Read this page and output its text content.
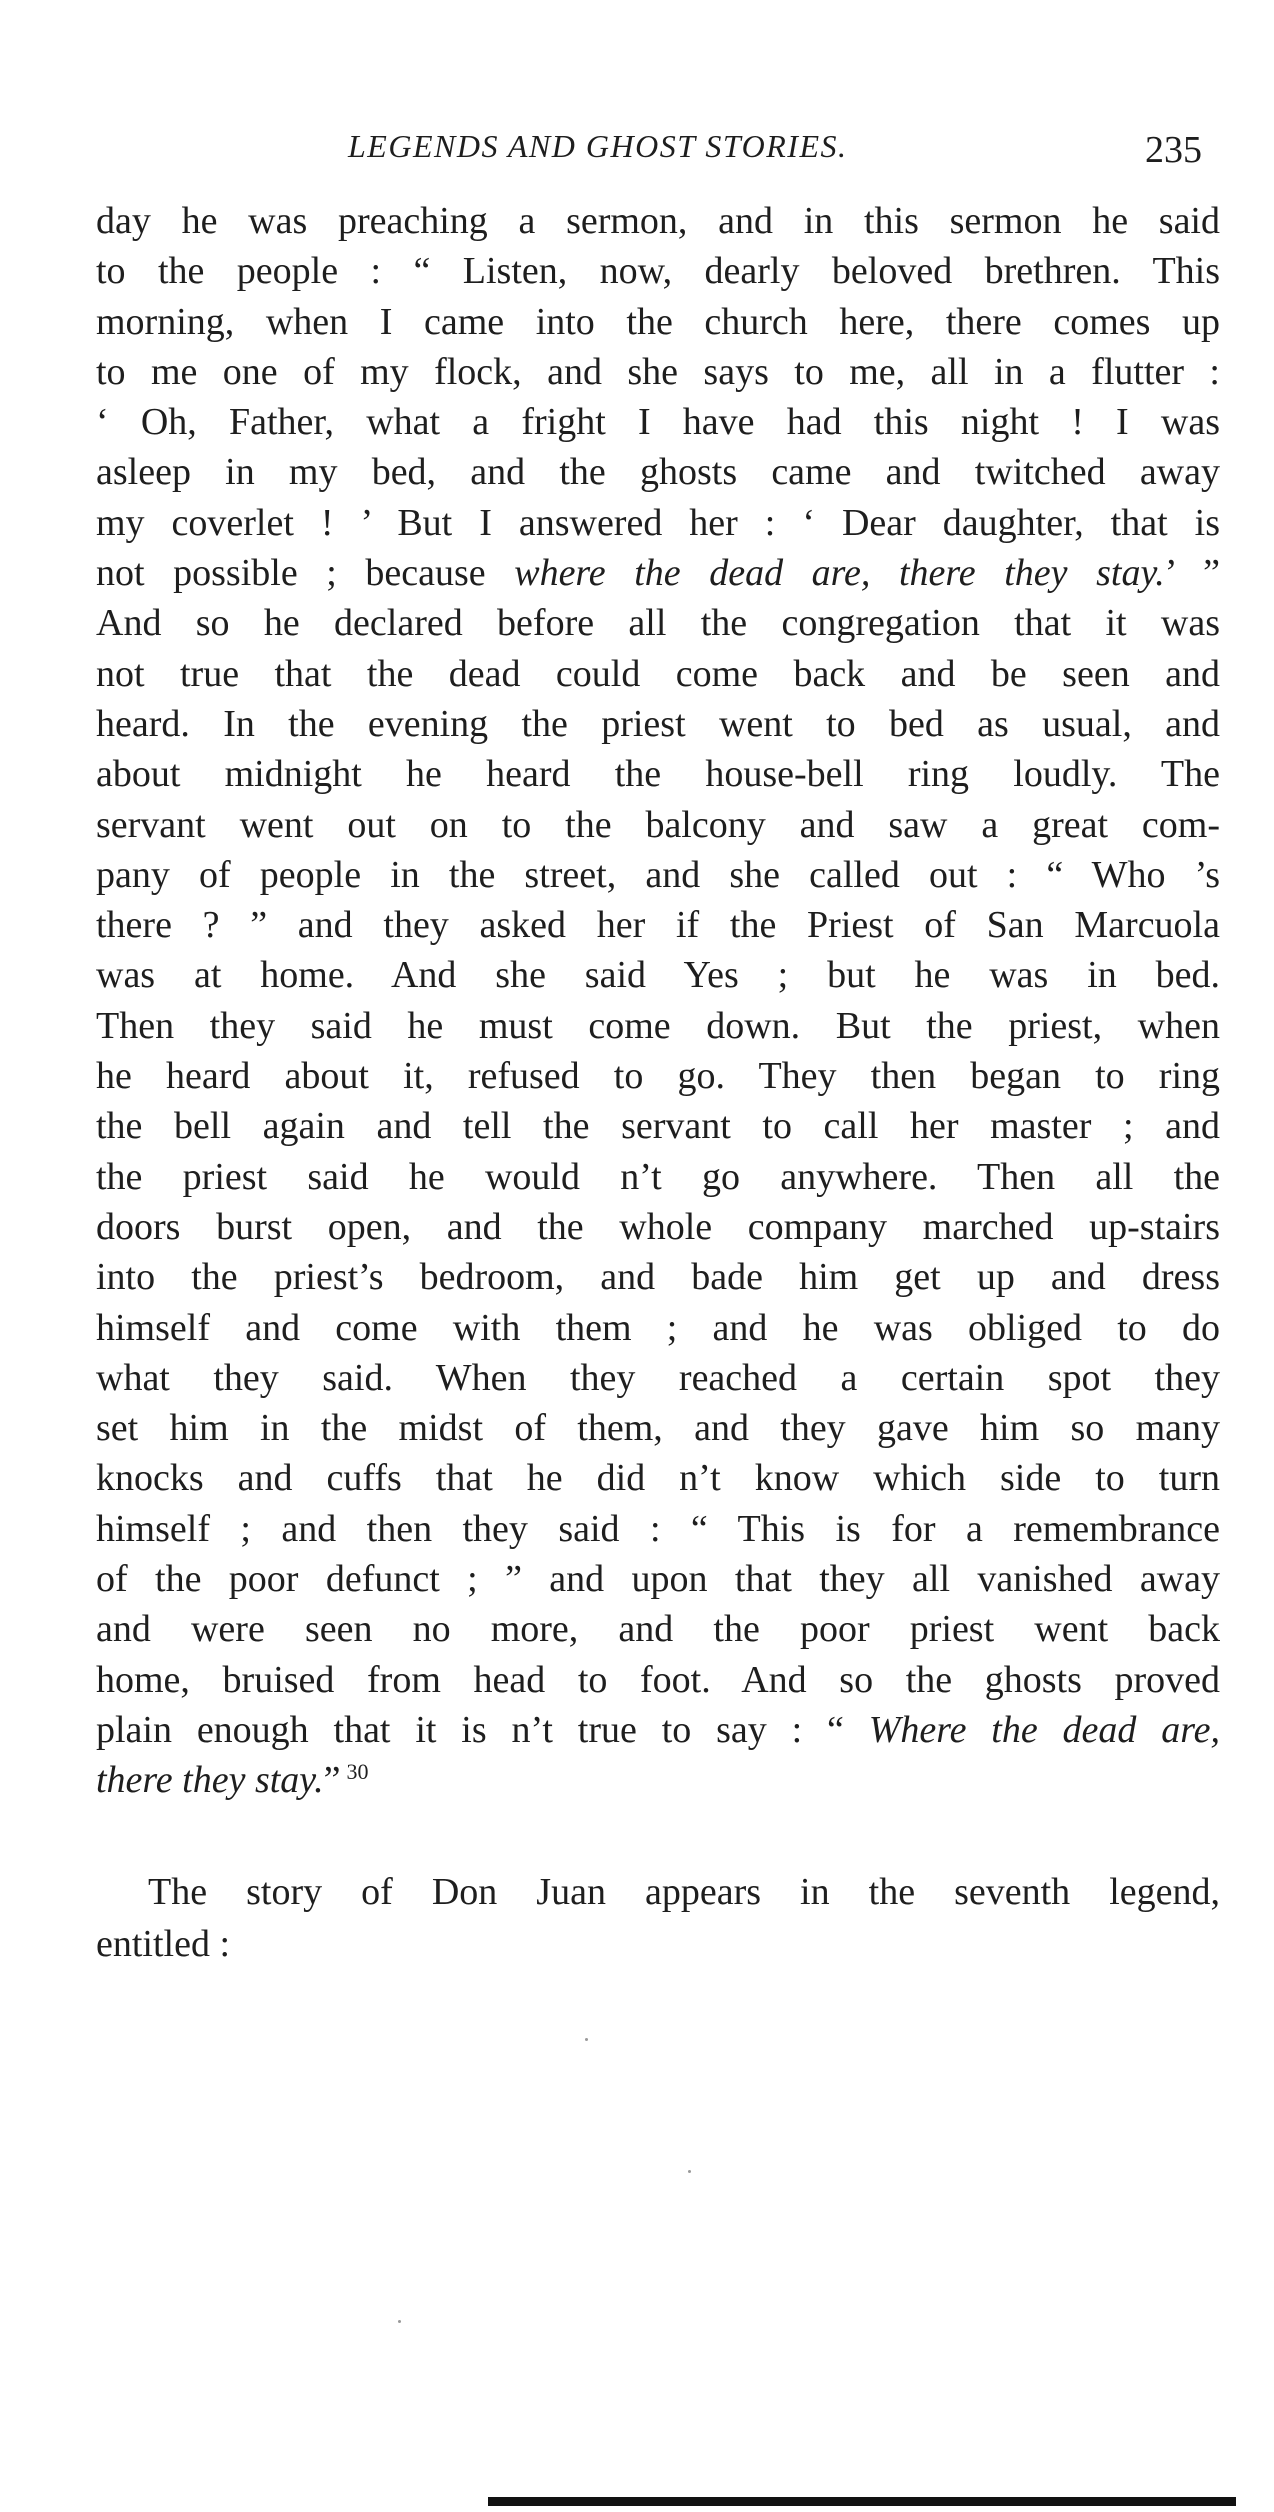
LEGENDS AND GHOST STORIES.	235
day he was preaching a sermon, and in this sermon he said
to the people : “ Listen, now, dearly beloved brethren. This
morning, when I came into the church here, there comes up
to me one of my flock, and she says to me, all in a flutter :
‘ Oh, Father, what a fright I have had this night ! I was
asleep in my bed, and the ghosts came and twitched away
my coverlet ! ’ But I answered her : ‘ Dear daughter, that is
not possible ; because where the dead are, there they stay.’ ”
And so he declared before all the congregation that it was
not true that the dead could come back and be seen and
heard. In the evening the priest went to bed as usual, and
about midnight he heard the house-bell ring loudly. The
servant went out on to the balcony and saw a great com-
pany of people in the street, and she called out : “ Who ’s
there ? ” and they asked her if the Priest of San Marcuola
was at home. And she said Yes ; but he was in bed.
Then they said he must come down. But the priest, when
he heard about it, refused to go. They then began to ring
the bell again and tell the servant to call her master ; and
the priest said he would n’t go anywhere. Then all the
doors burst open, and the whole company marched up-stairs
into the priest’s bedroom, and bade him get up and dress
himself and come with them ; and he was obliged to do
what they said. When they reached a certain spot they
set him in the midst of them, and they gave him so many
knocks and cuffs that he did n’t know which side to turn
himself ; and then they said : “ This is for a remembrance
of the poor defunct ; ” and upon that they all vanished away
and were seen no more, and the poor priest went back
home, bruised from head to foot. And so the ghosts proved
plain enough that it is n’t true to say : “ Where the dead are,
there they stay.” $^{30}$
The story of Don Juan appears in the seventh legend,
entitled :
